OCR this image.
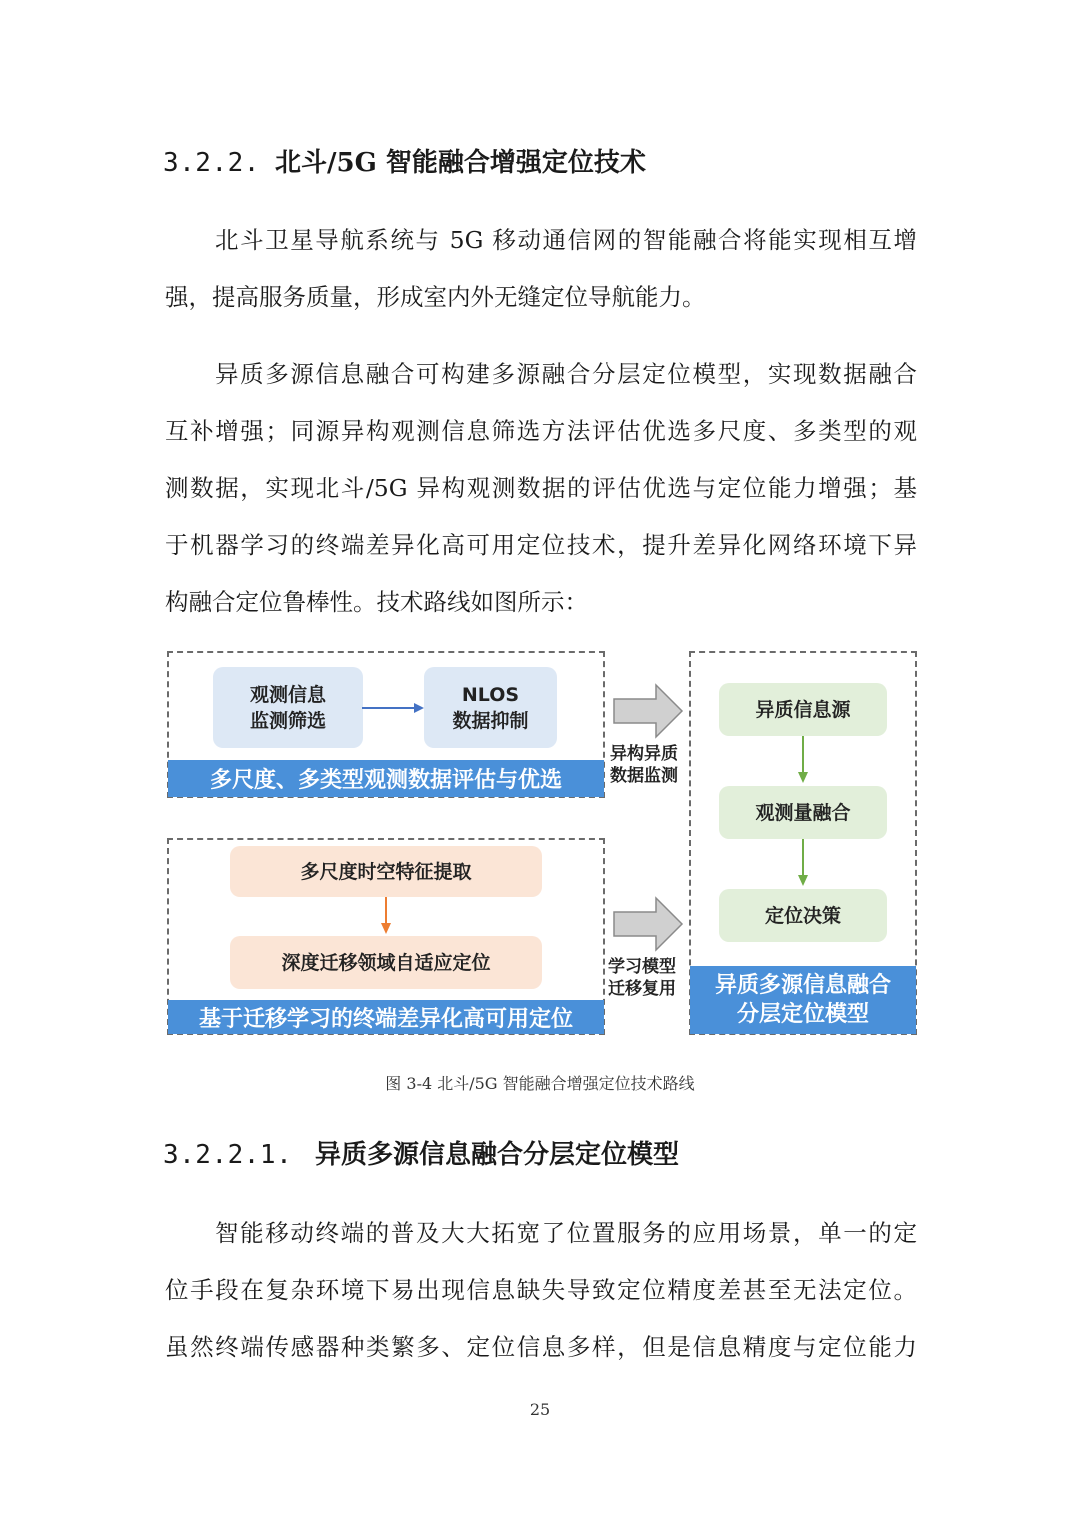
3.2.2. 北斗/5G 智能融合增强定位技术
北斗卫星导航系统与 5G 移动通信网的智能融合将能实现相互增
强，提高服务质量，形成室内外无缝定位导航能力。
异质多源信息融合可构建多源融合分层定位模型，实现数据融合
互补增强；同源异构观测信息筛选方法评估优选多尺度、多类型的观
测数据，实现北斗/5G 异构观测数据的评估优选与定位能力增强；基
于机器学习的终端差异化高可用定位技术，提升差异化网络环境下异
构融合定位鲁棒性。技术路线如图所示：
观测信息
监测筛选
NLOS
数据抑制
多尺度、多类型观测数据评估与优选
多尺度时空特征提取
深度迁移领域自适应定位
基于迁移学习的终端差异化高可用定位
异构异质
数据监测
学习模型
迁移复用
异质信息源
观测量融合
定位决策
异质多源信息融合
分层定位模型
图 3-4 北斗/5G 智能融合增强定位技术路线
3.2.2.1. 异质多源信息融合分层定位模型
智能移动终端的普及大大拓宽了位置服务的应用场景，单一的定
位手段在复杂环境下易出现信息缺失导致定位精度差甚至无法定位。
虽然终端传感器种类繁多、定位信息多样，但是信息精度与定位能力
25
